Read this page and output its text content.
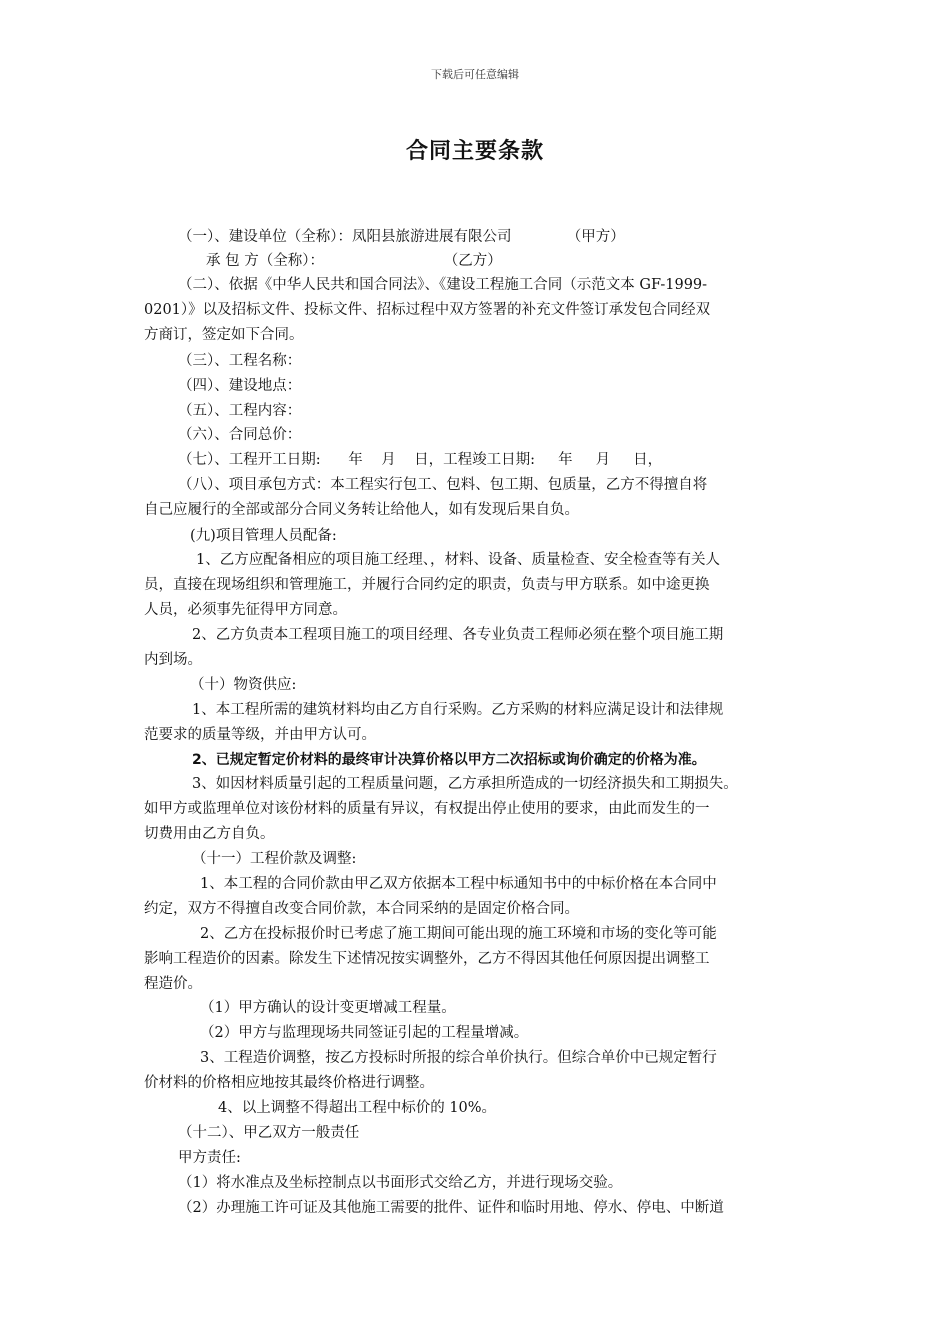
下载后可任意编辑
合同主要条款
（一）、建设单位（全称）：凤阳县旅游进展有限公司            （甲方）
承 包 方（全称）：                          （乙方）
（二）、依据《中华人民共和国合同法》、《建设工程施工合同（示范文本 GF-1999-
0201）》以及招标文件、投标文件、招标过程中双方签署的补充文件签订承发包合同经双
方商订，签定如下合同。
（三）、工程名称：
（四）、建设地点：
（五）、工程内容：
（六）、合同总价：
（七）、工程开工日期:      年    月    日，工程竣工日期:     年     月     日，
（八）、项目承包方式：本工程实行包工、包料、包工期、包质量，乙方不得擅自将
自己应履行的全部或部分合同义务转让给他人，如有发现后果自负。
(九)项目管理人员配备:
1、乙方应配备相应的项目施工经理、，材料、设备、质量检查、安全检查等有关人
员，直接在现场组织和管理施工，并履行合同约定的职责，负责与甲方联系。如中途更换
人员，必须事先征得甲方同意。
2、乙方负责本工程项目施工的项目经理、各专业负责工程师必须在整个项目施工期
内到场。
（十）物资供应:
1、本工程所需的建筑材料均由乙方自行采购。乙方采购的材料应满足设计和法律规
范要求的质量等级，并由甲方认可。
2、已规定暂定价材料的最终审计决算价格以甲方二次招标或询价确定的价格为准。
3、如因材料质量引起的工程质量问题，乙方承担所造成的一切经济损失和工期损失。
如甲方或监理单位对该份材料的质量有异议，有权提出停止使用的要求，由此而发生的一
切费用由乙方自负。
（十一）工程价款及调整:
1、本工程的合同价款由甲乙双方依据本工程中标通知书中的中标价格在本合同中
约定，双方不得擅自改变合同价款，本合同采纳的是固定价格合同。
2、乙方在投标报价时已考虑了施工期间可能出现的施工环境和市场的变化等可能
影响工程造价的因素。除发生下述情况按实调整外，乙方不得因其他任何原因提出调整工
程造价。
（1）甲方确认的设计变更增减工程量。
（2）甲方与监理现场共同签证引起的工程量增减。
3、工程造价调整，按乙方投标时所报的综合单价执行。但综合单价中已规定暂行
价材料的价格相应地按其最终价格进行调整。
4、以上调整不得超出工程中标价的 10%。
（十二）、甲乙双方一般责任
甲方责任:
（1）将水准点及坐标控制点以书面形式交给乙方，并进行现场交验。
（2）办理施工许可证及其他施工需要的批件、证件和临时用地、停水、停电、中断道
